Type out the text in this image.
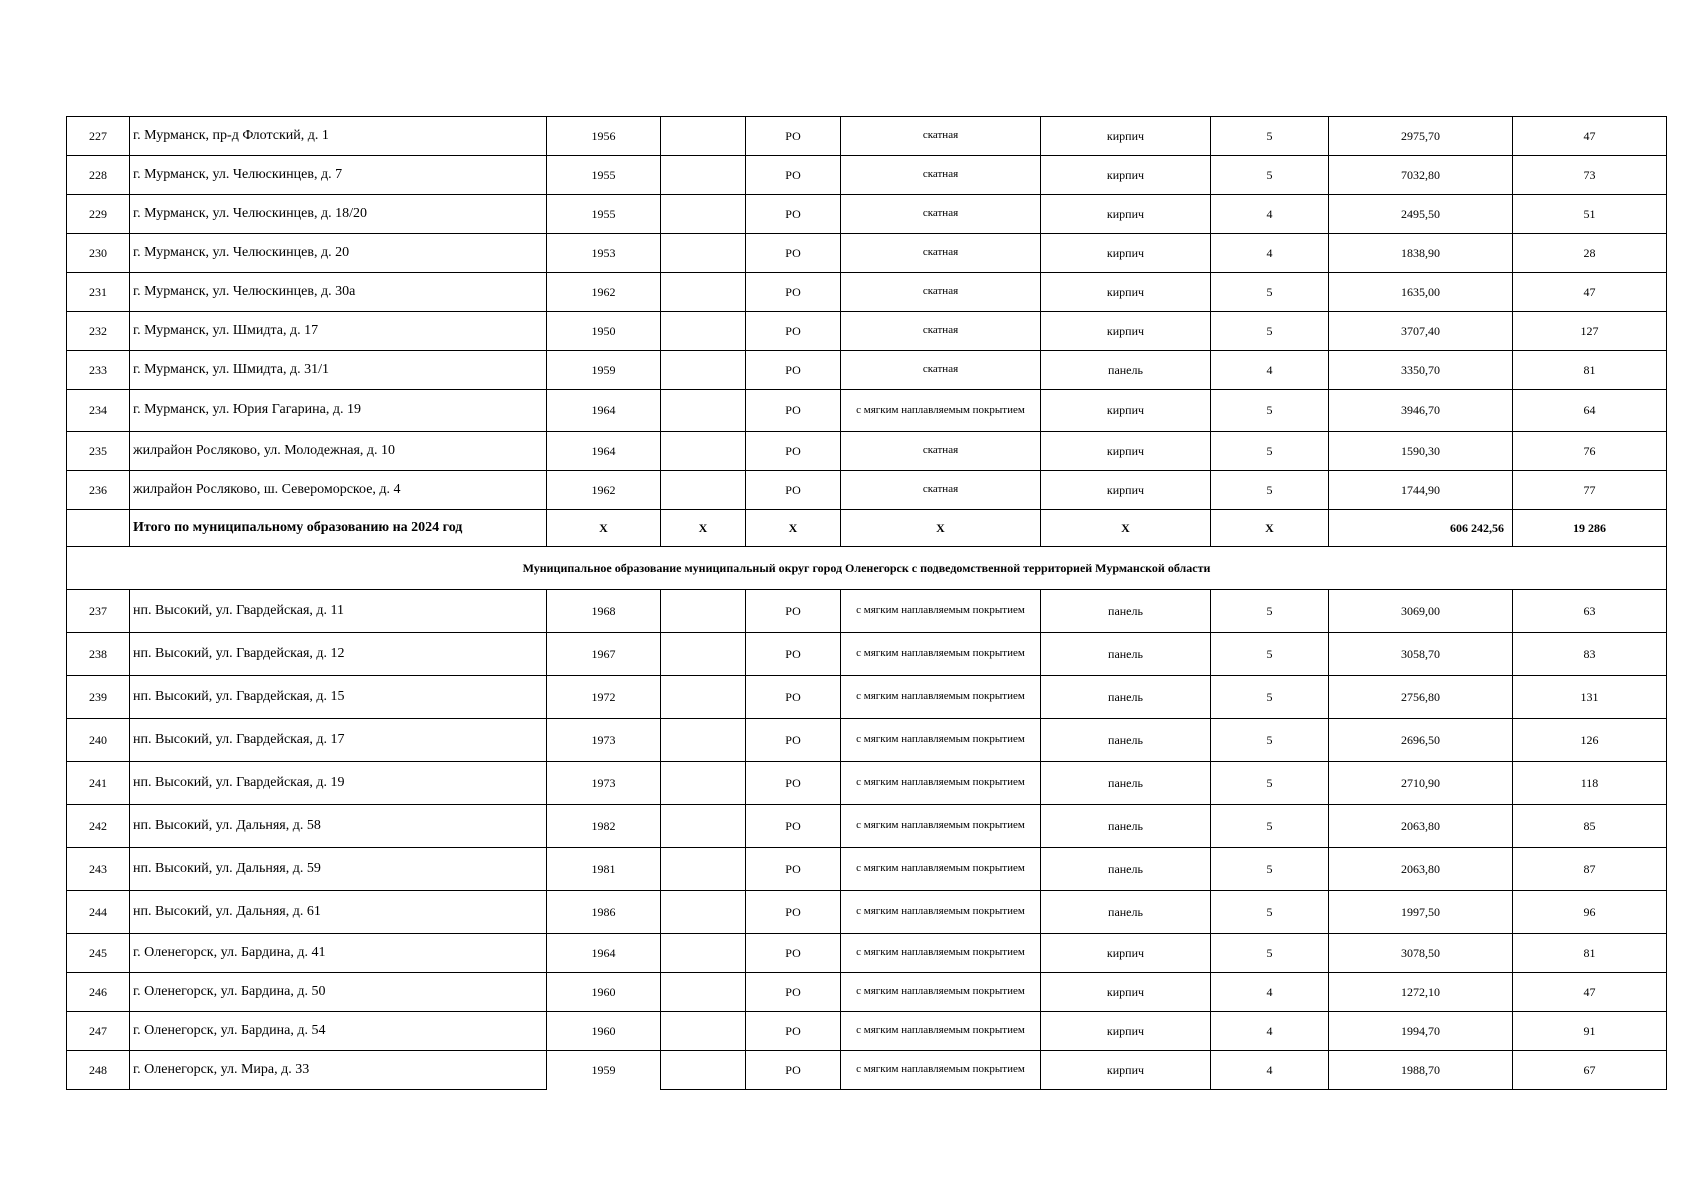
227	г. Мурманск, пр-д Флотский, д. 1	1956		РО	скатная	кирпич	5	2975,70	47
228	г. Мурманск, ул. Челюскинцев, д. 7	1955		РО	скатная	кирпич	5	7032,80	73
229	г. Мурманск, ул. Челюскинцев, д. 18/20	1955		РО	скатная	кирпич	4	2495,50	51
230	г. Мурманск, ул. Челюскинцев, д. 20	1953		РО	скатная	кирпич	4	1838,90	28
231	г. Мурманск, ул. Челюскинцев, д. 30а	1962		РО	скатная	кирпич	5	1635,00	47
232	г. Мурманск, ул. Шмидта, д. 17	1950		РО	скатная	кирпич	5	3707,40	127
233	г. Мурманск, ул. Шмидта, д. 31/1	1959		РО	скатная	панель	4	3350,70	81
234	г. Мурманск, ул. Юрия Гагарина, д. 19	1964		РО	с мягким наплавляемым покрытием	кирпич	5	3946,70	64
235	жилрайон Росляково, ул. Молодежная, д. 10	1964		РО	скатная	кирпич	5	1590,30	76
236	жилрайон Росляково, ш. Североморское, д. 4	1962		РО	скатная	кирпич	5	1744,90	77
	Итого по муниципальному образованию на 2024 год	X	X	X	X	X	X	606 242,56	19 286
Муниципальное образование муниципальный округ город Оленегорск с подведомственной территорией Мурманской области									
237	нп. Высокий, ул. Гвардейская, д. 11	1968		РО	с мягким наплавляемым покрытием	панель	5	3069,00	63
238	нп. Высокий, ул. Гвардейская, д. 12	1967		РО	с мягким наплавляемым покрытием	панель	5	3058,70	83
239	нп. Высокий, ул. Гвардейская, д. 15	1972		РО	с мягким наплавляемым покрытием	панель	5	2756,80	131
240	нп. Высокий, ул. Гвардейская, д. 17	1973		РО	с мягким наплавляемым покрытием	панель	5	2696,50	126
241	нп. Высокий, ул. Гвардейская, д. 19	1973		РО	с мягким наплавляемым покрытием	панель	5	2710,90	118
242	нп. Высокий, ул. Дальняя, д. 58	1982		РО	с мягким наплавляемым покрытием	панель	5	2063,80	85
243	нп. Высокий, ул. Дальняя, д. 59	1981		РО	с мягким наплавляемым покрытием	панель	5	2063,80	87
244	нп. Высокий, ул. Дальняя, д. 61	1986		РО	с мягким наплавляемым покрытием	панель	5	1997,50	96
245	г. Оленегорск, ул. Бардина, д. 41	1964		РО	с мягким наплавляемым покрытием	кирпич	5	3078,50	81
246	г. Оленегорск, ул. Бардина, д. 50	1960		РО	с мягким наплавляемым покрытием	кирпич	4	1272,10	47
247	г. Оленегорск, ул. Бардина, д. 54	1960		РО	с мягким наплавляемым покрытием	кирпич	4	1994,70	91
248	г. Оленегорск, ул. Мира, д. 33	1959		РО	с мягким наплавляемым покрытием	кирпич	4	1988,70	67
